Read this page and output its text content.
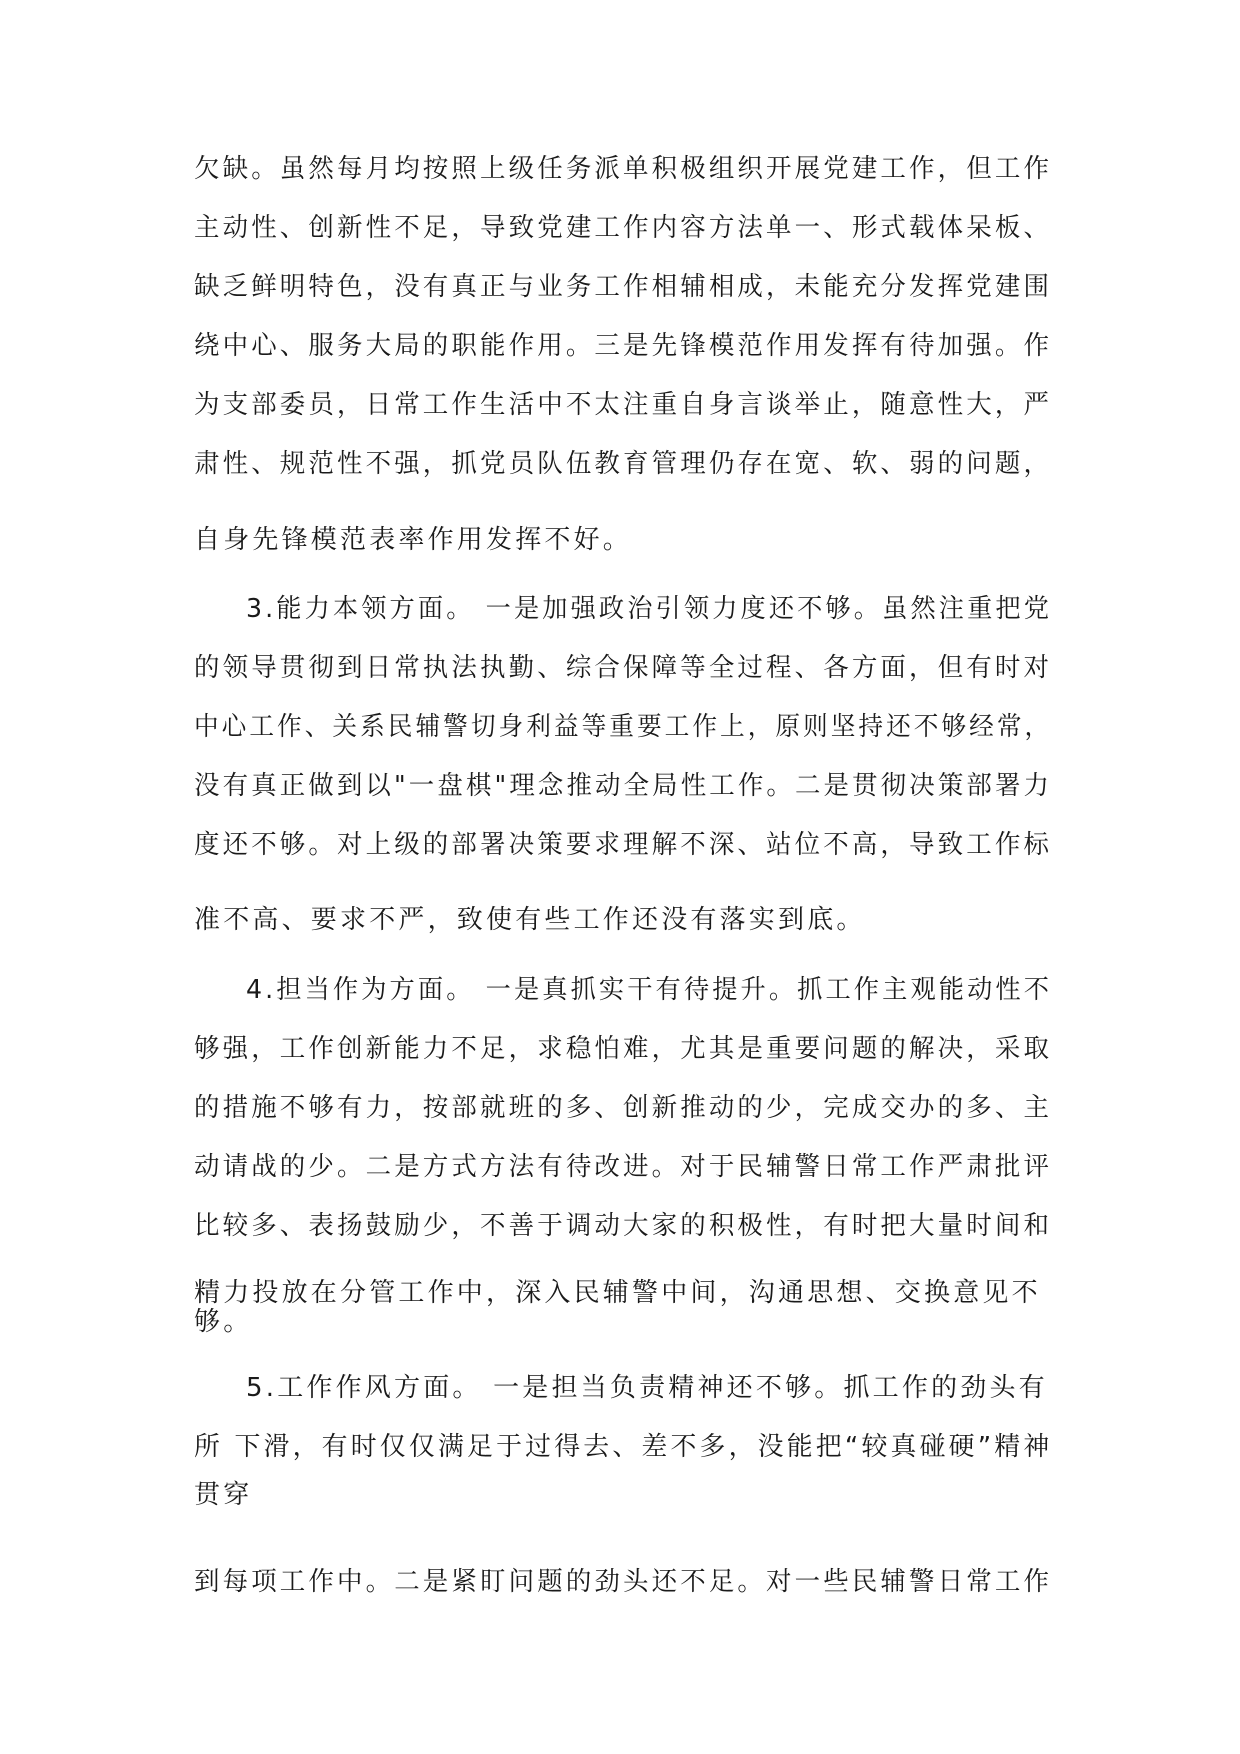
欠缺。虽然每月均按照上级任务派单积极组织开展党建工作，但工作
主动性、创新性不足，导致党建工作内容方法单一、形式载体呆板、
缺乏鲜明特色，没有真正与业务工作相辅相成，未能充分发挥党建围
绕中心、服务大局的职能作用。三是先锋模范作用发挥有待加强。作
为支部委员，日常工作生活中不太注重自身言谈举止，随意性大，严
肃性、规范性不强，抓党员队伍教育管理仍存在宽、软、弱的问题，
自身先锋模范表率作用发挥不好。
3.能力本领方面。 一是加强政治引领力度还不够。虽然注重把党
的领导贯彻到日常执法执勤、综合保障等全过程、各方面，但有时对
中心工作、关系民辅警切身利益等重要工作上，原则坚持还不够经常，
没有真正做到以"一盘棋"理念推动全局性工作。二是贯彻决策部署力
度还不够。对上级的部署决策要求理解不深、站位不高，导致工作标
准不高、要求不严，致使有些工作还没有落实到底。
4.担当作为方面。 一是真抓实干有待提升。抓工作主观能动性不
够强，工作创新能力不足，求稳怕难，尤其是重要问题的解决，采取
的措施不够有力，按部就班的多、创新推动的少，完成交办的多、主
动请战的少。二是方式方法有待改进。对于民辅警日常工作严肃批评
比较多、表扬鼓励少，不善于调动大家的积极性，有时把大量时间和
精力投放在分管工作中，深入民辅警中间，沟通思想、交换意见不
够。
5.工作作风方面。 一是担当负责精神还不够。抓工作的劲头有
所 下滑，有时仅仅满足于过得去、差不多，没能把“较真碰硬”精神
贯穿
到每项工作中。二是紧盯问题的劲头还不足。对一些民辅警日常工作
